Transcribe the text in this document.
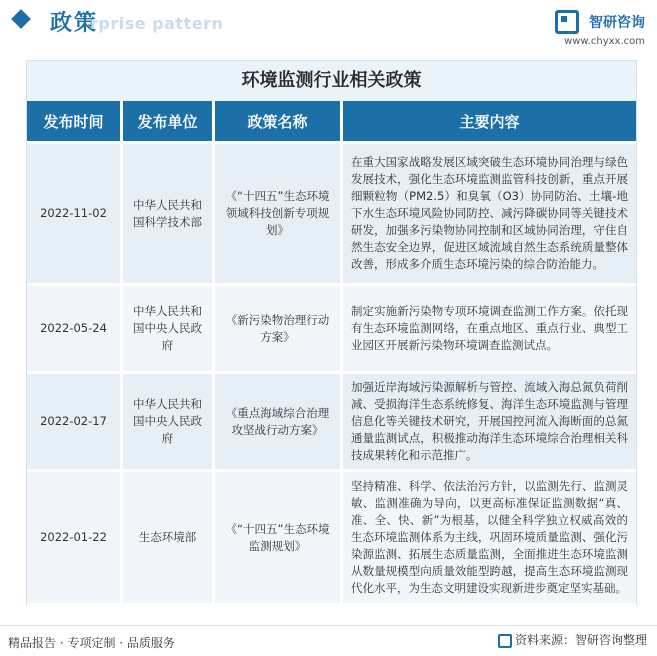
政策
rprise pattern	智研咨询
www.chyxx.com
环境监测行业相关政策
发布时间	发布单位	政策名称	主要内容
2022-11-02	中华人民共和国科学技术部	《“十四五”生态环境领域科技创新专项规划》	在重大国家战略发展区域突破生态环境协同治理与绿色发展技术，强化生态环境监测监管科技创新，重点开展细颗粒物（PM2.5）和臭氧（O3）协同防治、土壤-地下水生态环境风险协同防控、减污降碳协同等关键技术研发，加强多污染物协同控制和区域协同治理，守住自然生态安全边界，促进区域流域自然生态系统质量整体改善，形成多介质生态环境污染的综合防治能力。
2022-05-24	中华人民共和国中央人民政府	《新污染物治理行动方案》	制定实施新污染物专项环境调查监测工作方案。依托现有生态环境监测网络，在重点地区、重点行业、典型工业园区开展新污染物环境调查监测试点。
2022-02-17	中华人民共和国中央人民政府	《重点海域综合治理攻坚战行动方案》	加强近岸海域污染源解析与管控、流域入海总氮负荷削减、受损海洋生态系统修复、海洋生态环境监测与管理信息化等关键技术研究，开展国控河流入海断面的总氮通量监测试点，积极推动海洋生态环境综合治理相关科技成果转化和示范推广。
2022-01-22	生态环境部	《“十四五”生态环境监测规划》	坚持精准、科学、依法治污方针，以监测先行、监测灵敏、监测准确为导向，以更高标准保证监测数据“真、准、全、快、新”为根基，以健全科学独立权威高效的生态环境监测体系为主线，巩固环境质量监测、强化污染源监测、拓展生态质量监测，全面推进生态环境监测从数量规模型向质量效能型跨越，提高生态环境监测现代化水平，为生态文明建设实现新进步奠定坚实基础。
精品报告 · 专项定制 · 品质服务	资料来源：智研咨询整理
